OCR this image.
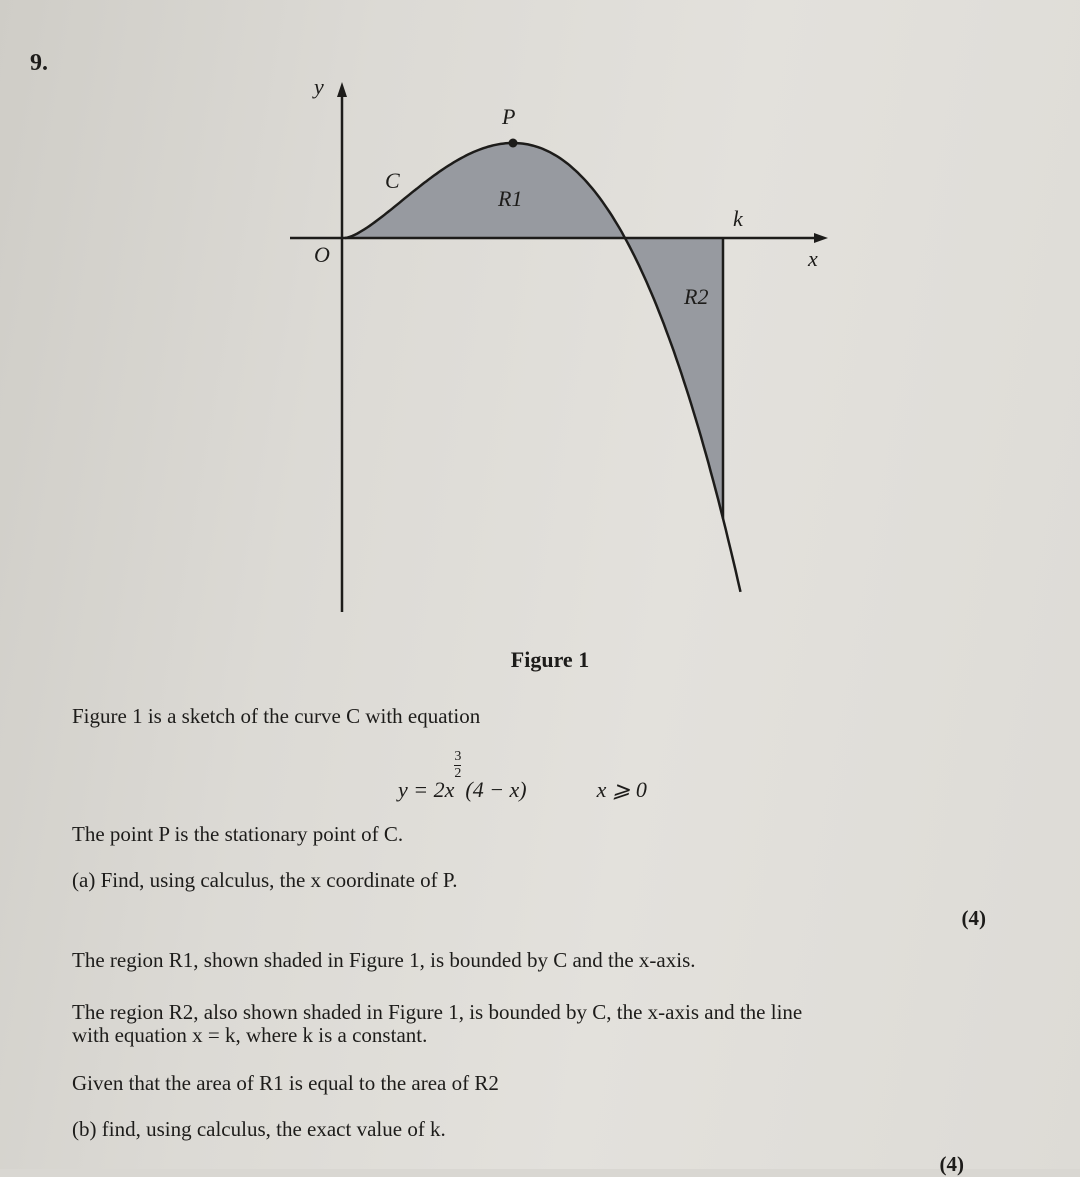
9.
y
x
O
P
C
k
R1
R2
Figure 1
Figure 1 is a sketch of the curve C with equation
y = 2x
$\frac{3}{2}$
(4 − x)	x ⩾ 0
The point P is the stationary point of C.
(a) Find, using calculus, the x coordinate of P.
(4)
The region R1, shown shaded in Figure 1, is bounded by C and the x-axis.
The region R2, also shown shaded in Figure 1, is bounded by C, the x-axis and the line
with equation x = k, where k is a constant.
Given that the area of R1 is equal to the area of R2
(b) find, using calculus, the exact value of k.
(4)
